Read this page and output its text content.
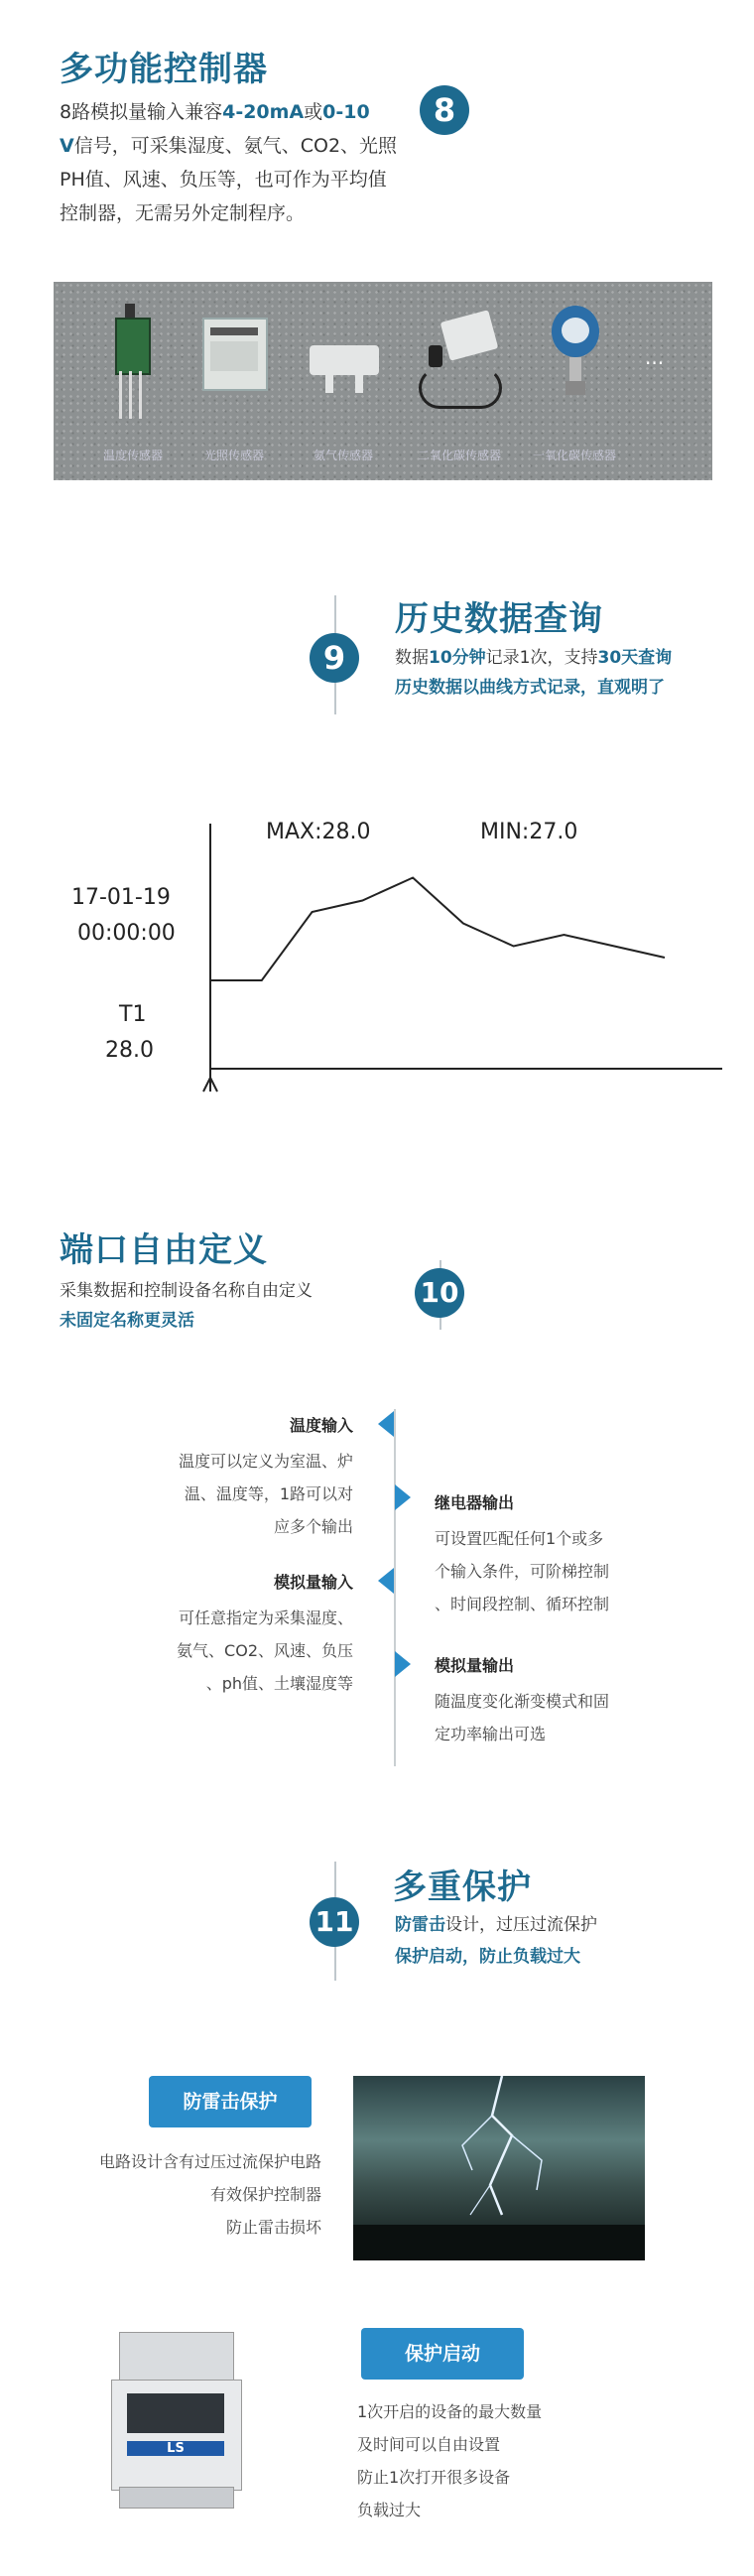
多功能控制器
8
8路模拟量输入兼容4-20mA或0-10
V信号，可采集湿度、氨气、CO2、光照
PH值、风速、负压等，也可作为平均值
控制器，无需另外定制程序。
...
温度传感器	光照传感器	氨气传感器	二氧化碳传感器	一氧化碳传感器
9
历史数据查询
数据10分钟记录1次，支持30天查询
历史数据以曲线方式记录，直观明了
MAX:28.0	MIN:27.0
17-01-19
00:00:00
T1
28.0
端口自由定义
采集数据和控制设备名称自由定义
未固定名称更灵活
10
温度输入
温度可以定义为室温、炉
温、温度等，1路可以对
应多个输出
继电器输出
可设置匹配任何1个或多
个输入条件，可阶梯控制
、时间段控制、循环控制
模拟量输入
可任意指定为采集湿度、
氨气、CO2、风速、负压
、ph值、土壤湿度等
模拟量输出
随温度变化渐变模式和固
定功率输出可选
11
多重保护
防雷击设计，过压过流保护
保护启动，防止负载过大
防雷击保护
电路设计含有过压过流保护电路
有效保护控制器
防止雷击损坏
LS
保护启动
1次开启的设备的最大数量
及时间可以自由设置
防止1次打开很多设备
负载过大
